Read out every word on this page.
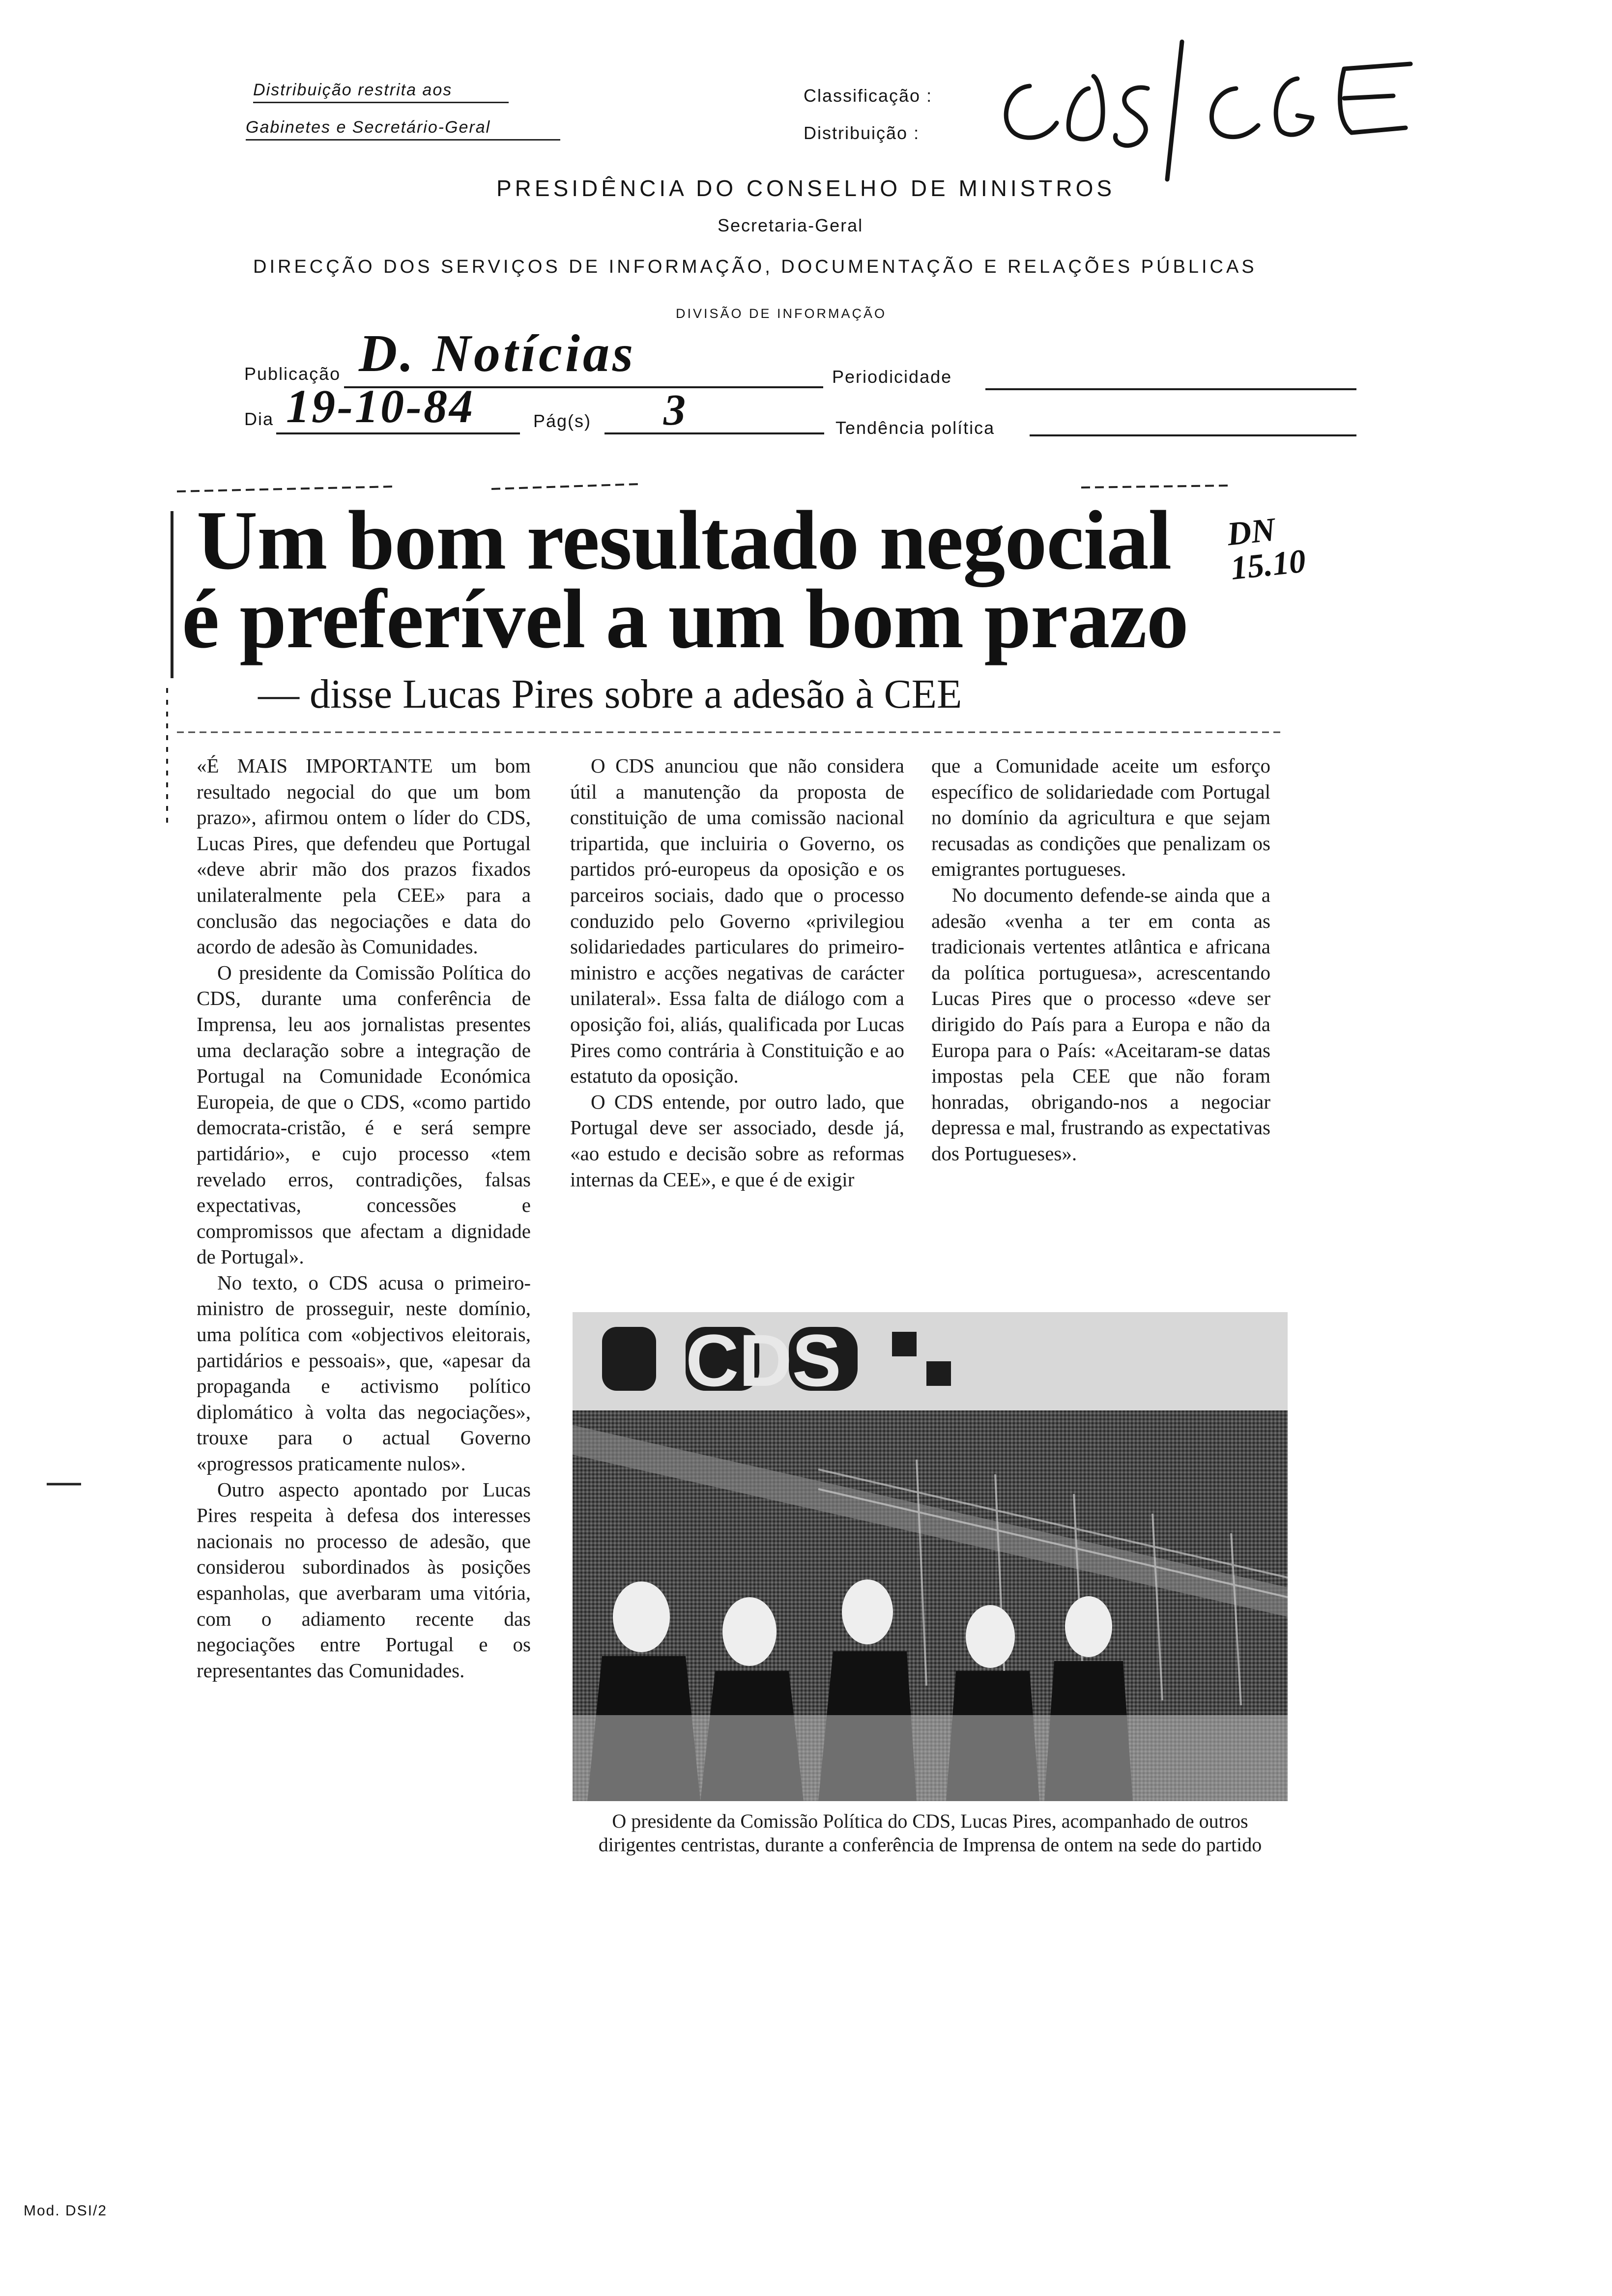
Distribuição restrita aos
Gabinetes e Secretário-Geral
Classificação :
Distribuição :
PRESIDÊNCIA DO CONSELHO DE MINISTROS
Secretaria-Geral
DIRECÇÃO DOS SERVIÇOS DE INFORMAÇÃO, DOCUMENTAÇÃO E RELAÇÕES PÚBLICAS
DIVISÃO DE INFORMAÇÃO
Publicação D. Notícias	Periodicidade
Dia 19-10-84	Pág(s) 3	Tendência política
Um bom resultado negocial
é preferível a um bom prazo
DN 15.10
— disse Lucas Pires sobre a adesão à CEE

«É MAIS IMPORTANTE um bom resultado negocial do que um bom prazo», afirmou ontem o líder do CDS, Lucas Pires, que defendeu que Portugal «deve abrir mão dos prazos fixados unilateralmente pela CEE» para a conclusão das negociações e data do acordo de adesão às Comunidades.

O presidente da Comissão Política do CDS, durante uma conferência de Imprensa, leu aos jornalistas presentes uma declaração sobre a integração de Portugal na Comunidade Económica Europeia, de que o CDS, «como partido democrata-cristão, é e será sempre partidário», e cujo processo «tem revelado erros, contradições, falsas expectativas, concessões e compromissos que afectam a dignidade de Portugal».

No texto, o CDS acusa o primeiro-ministro de prosseguir, neste domínio, uma política com «objectivos eleitorais, partidários e pessoais», que, «apesar da propaganda e activismo político diplomático à volta das negociações», trouxe para o actual Governo «progressos praticamente nulos».

Outro aspecto apontado por Lucas Pires respeita à defesa dos interesses nacionais no processo de adesão, que considerou subordinados às posições espanholas, que averbaram uma vitória, com o adiamento recente das negociações entre Portugal e os representantes das Comunidades.

O CDS anunciou que não considera útil a manutenção da proposta de constituição de uma comissão nacional tripartida, que incluiria o Governo, os partidos pró-europeus da oposição e os parceiros sociais, dado que o processo conduzido pelo Governo «privilegiou solidariedades particulares do primeiro-ministro e acções negativas de carácter unilateral». Essa falta de diálogo com a oposição foi, aliás, qualificada por Lucas Pires como contrária à Constituição e ao estatuto da oposição.

O CDS entende, por outro lado, que Portugal deve ser associado, desde já, «ao estudo e decisão sobre as reformas internas da CEE», e que é de exigir

que a Comunidade aceite um esforço específico de solidariedade com Portugal no domínio da agricultura e que sejam recusadas as condições que penalizam os emigrantes portugueses.

No documento defende-se ainda que a adesão «venha a ter em conta as tradicionais vertentes atlântica e africana da política portuguesa», acrescentando Lucas Pires que o processo «deve ser dirigido do País para a Europa e não da Europa para o País: «Aceitaram-se datas impostas pela CEE que não foram honradas, obrigando-nos a negociar depressa e mal, frustrando as expectativas dos Portugueses».

CDS
O presidente da Comissão Política do CDS, Lucas Pires, acompanhado de outros dirigentes centristas, durante a conferência de Imprensa de ontem na sede do partido
Mod. DSI/2
